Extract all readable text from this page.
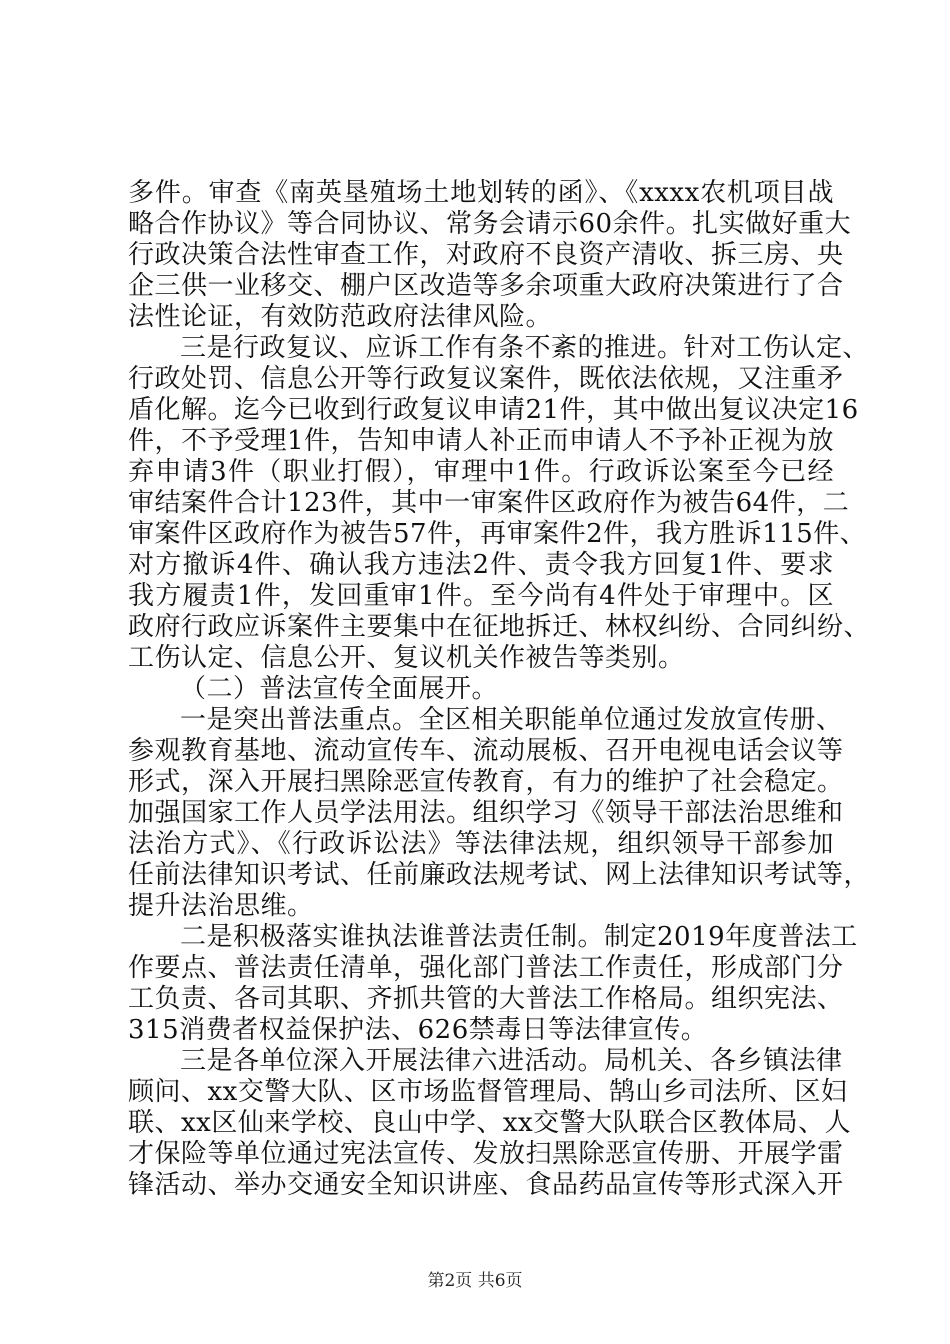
多件。审查《南英垦殖场土地划转的函》、《xxxx农机项目战
略合作协议》等合同协议、常务会请示60余件。扎实做好重大
行政决策合法性审查工作，对政府不良资产清收、拆三房、央
企三供一业移交、棚户区改造等多余项重大政府决策进行了合
法性论证，有效防范政府法律风险。
三是行政复议、应诉工作有条不紊的推进。针对工伤认定、
行政处罚、信息公开等行政复议案件，既依法依规，又注重矛
盾化解。迄今已收到行政复议申请21件，其中做出复议决定16
件，不予受理1件，告知申请人补正而申请人不予补正视为放
弃申请3件（职业打假），审理中1件。行政诉讼案至今已经
审结案件合计123件，其中一审案件区政府作为被告64件，二
审案件区政府作为被告57件，再审案件2件，我方胜诉115件、
对方撤诉4件、确认我方违法2件、责令我方回复1件、要求
我方履责1件，发回重审1件。至今尚有4件处于审理中。区
政府行政应诉案件主要集中在征地拆迁、林权纠纷、合同纠纷、
工伤认定、信息公开、复议机关作被告等类别。
（二）普法宣传全面展开。
一是突出普法重点。全区相关职能单位通过发放宣传册、
参观教育基地、流动宣传车、流动展板、召开电视电话会议等
形式，深入开展扫黑除恶宣传教育，有力的维护了社会稳定。
加强国家工作人员学法用法。组织学习《领导干部法治思维和
法治方式》、《行政诉讼法》等法律法规，组织领导干部参加
任前法律知识考试、任前廉政法规考试、网上法律知识考试等，
提升法治思维。
二是积极落实谁执法谁普法责任制。制定2019年度普法工
作要点、普法责任清单，强化部门普法工作责任，形成部门分
工负责、各司其职、齐抓共管的大普法工作格局。组织宪法、
315消费者权益保护法、626禁毒日等法律宣传。
三是各单位深入开展法律六进活动。局机关、各乡镇法律
顾问、xx交警大队、区市场监督管理局、鹄山乡司法所、区妇
联、xx区仙来学校、良山中学、xx交警大队联合区教体局、人
才保险等单位通过宪法宣传、发放扫黑除恶宣传册、开展学雷
锋活动、举办交通安全知识讲座、食品药品宣传等形式深入开
第2页 共6页
